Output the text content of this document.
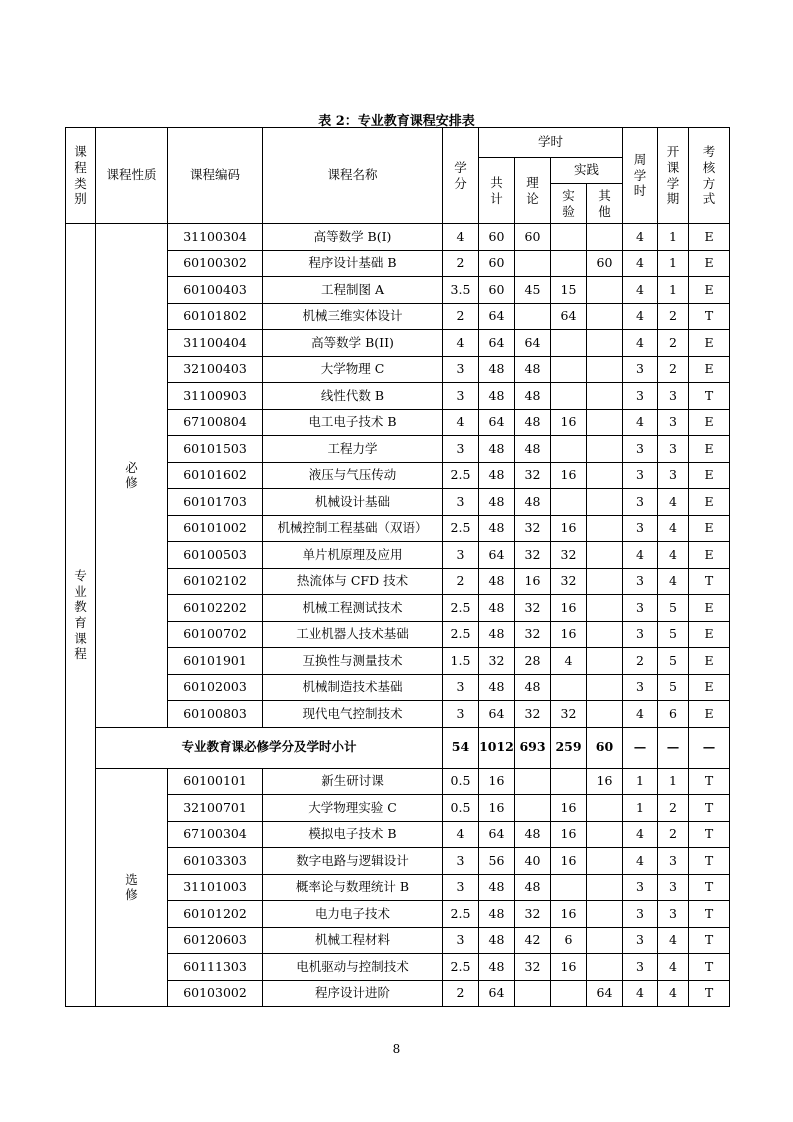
表 2：专业教育课程安排表
课程类别	课程性质	课程编码	课程名称	学分	学时				周学时	开课学期	考核方式
					共计	理论	实践				
							实验	其他			
专业教育课程	必修	31100304	高等数学 B(I)	4	60	60			4	1	E
		60100302	程序设计基础 B	2	60			60	4	1	E
		60100403	工程制图 A	3.5	60	45	15		4	1	E
		60101802	机械三维实体设计	2	64		64		4	2	T
		31100404	高等数学 B(II)	4	64	64			4	2	E
		32100403	大学物理 C	3	48	48			3	2	E
		31100903	线性代数 B	3	48	48			3	3	T
		67100804	电工电子技术 B	4	64	48	16		4	3	E
		60101503	工程力学	3	48	48			3	3	E
		60101602	液压与气压传动	2.5	48	32	16		3	3	E
		60101703	机械设计基础	3	48	48			3	4	E
		60101002	机械控制工程基础（双语）	2.5	48	32	16		3	4	E
		60100503	单片机原理及应用	3	64	32	32		4	4	E
		60102102	热流体与 CFD 技术	2	48	16	32		3	4	T
		60102202	机械工程测试技术	2.5	48	32	16		3	5	E
		60100702	工业机器人技术基础	2.5	48	32	16		3	5	E
		60101901	互换性与测量技术	1.5	32	28	4		2	5	E
		60102003	机械制造技术基础	3	48	48			3	5	E
		60100803	现代电气控制技术	3	64	32	32		4	6	E
	专业教育课必修学分及学时小计			54	1012	693	259	60	—	—	—
	选修	60100101	新生研讨课	0.5	16			16	1	1	T
		32100701	大学物理实验 C	0.5	16		16		1	2	T
		67100304	模拟电子技术 B	4	64	48	16		4	2	T
		60103303	数字电路与逻辑设计	3	56	40	16		4	3	T
		31101003	概率论与数理统计 B	3	48	48			3	3	T
		60101202	电力电子技术	2.5	48	32	16		3	3	T
		60120603	机械工程材料	3	48	42	6		3	4	T
		60111303	电机驱动与控制技术	2.5	48	32	16		3	4	T
		60103002	程序设计进阶	2	64			64	4	4	T
8
